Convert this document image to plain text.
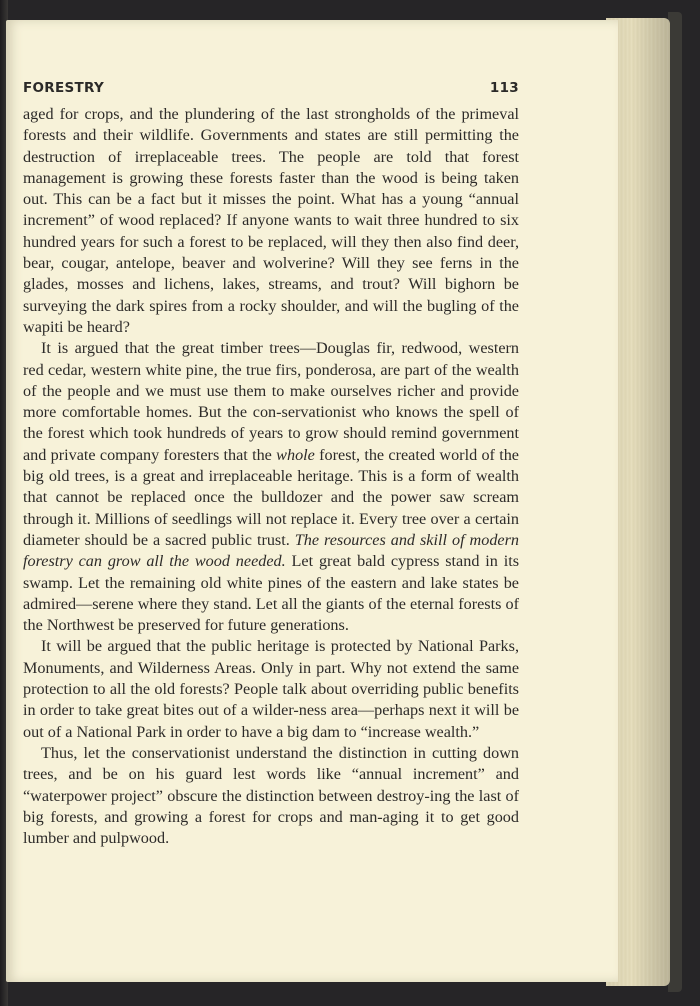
FORESTRY	113

aged for crops, and the plundering of the last strongholds of the primeval forests and their wildlife. Governments and states are still permitting the destruction of irreplaceable trees. The people are told that forest management is growing these forests faster than the wood is being taken out. This can be a fact but it misses the point. What has a young “annual increment” of wood replaced? If anyone wants to wait three hundred to six hundred years for such a forest to be replaced, will they then also find deer, bear, cougar, antelope, beaver and wolverine? Will they see ferns in the glades, mosses and lichens, lakes, streams, and trout? Will bighorn be surveying the dark spires from a rocky shoulder, and will the bugling of the wapiti be heard?

It is argued that the great timber trees—Douglas fir, redwood, western red cedar, western white pine, the true firs, ponderosa, are part of the wealth of the people and we must use them to make ourselves richer and provide more comfortable homes. But the con-servationist who knows the spell of the forest which took hundreds of years to grow should remind government and private company foresters that the whole forest, the created world of the big old trees, is a great and irreplaceable heritage. This is a form of wealth that cannot be replaced once the bulldozer and the power saw scream through it. Millions of seedlings will not replace it. Every tree over a certain diameter should be a sacred public trust. The resources and skill of modern forestry can grow all the wood needed. Let great bald cypress stand in its swamp. Let the remaining old white pines of the eastern and lake states be admired—serene where they stand. Let all the giants of the eternal forests of the Northwest be preserved for future generations.

It will be argued that the public heritage is protected by National Parks, Monuments, and Wilderness Areas. Only in part. Why not extend the same protection to all the old forests? People talk about overriding public benefits in order to take great bites out of a wilder-ness area—perhaps next it will be out of a National Park in order to have a big dam to “increase wealth.”

Thus, let the conservationist understand the distinction in cutting down trees, and be on his guard lest words like “annual increment” and “waterpower project” obscure the distinction between destroy-ing the last of big forests, and growing a forest for crops and man-aging it to get good lumber and pulpwood.
